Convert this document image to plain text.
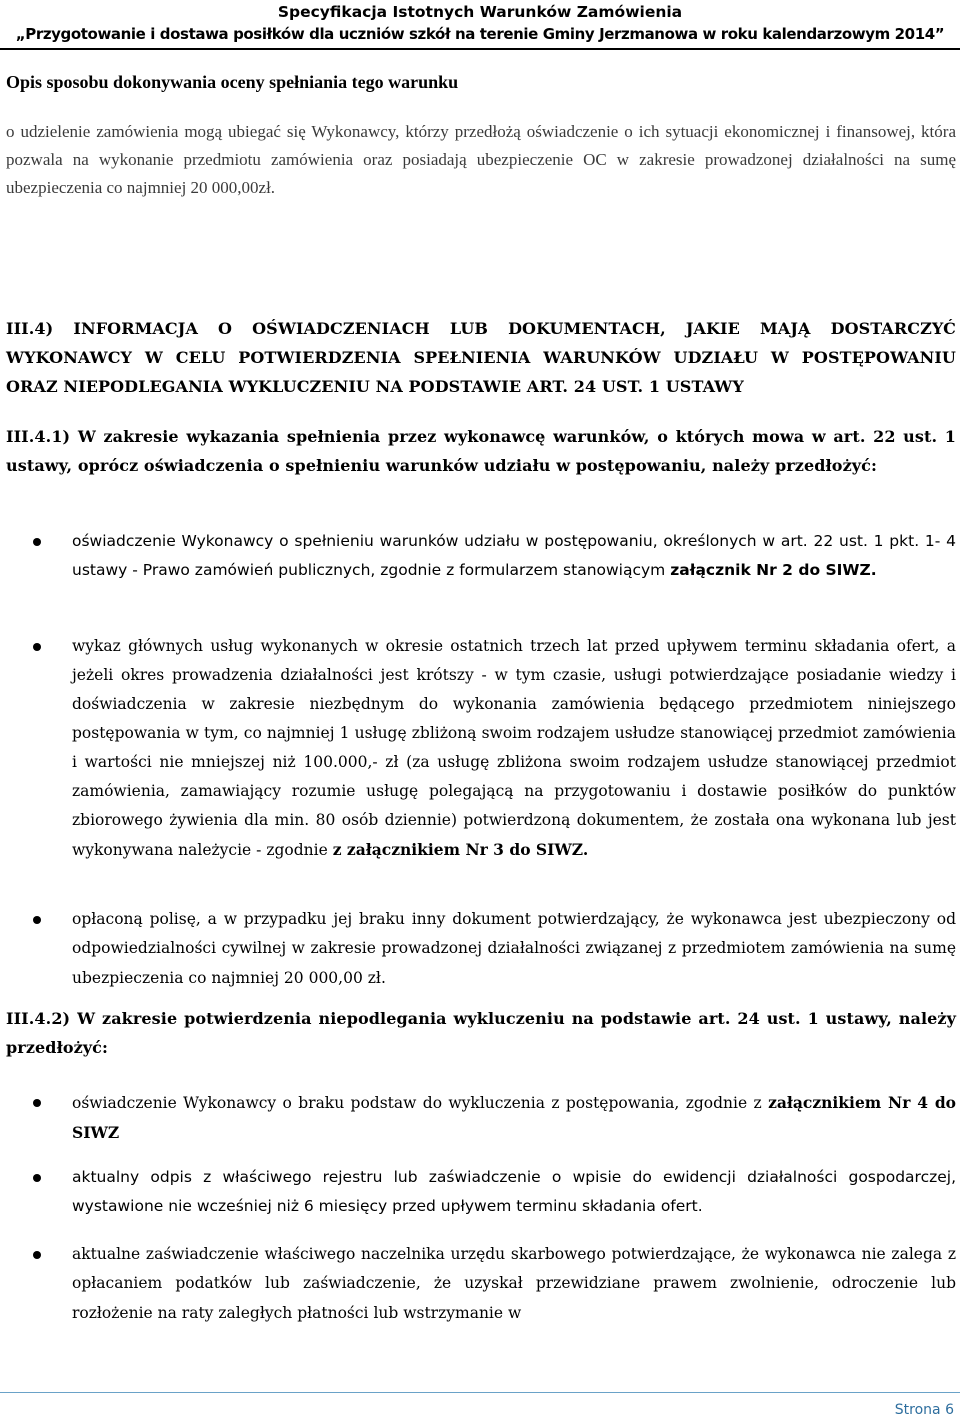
Specyfikacja Istotnych Warunków Zamówienia
„Przygotowanie i dostawa posiłków dla uczniów szkół na terenie Gminy Jerzmanowa w roku kalendarzowym 2014”
Opis sposobu dokonywania oceny spełniania tego warunku
o udzielenie zamówienia mogą ubiegać się Wykonawcy, którzy przedłożą oświadczenie o ich sytuacji ekonomicznej i finansowej, która pozwala na wykonanie przedmiotu zamówienia oraz posiadają ubezpieczenie OC w zakresie prowadzonej działalności na sumę ubezpieczenia co najmniej 20 000,00zł.
III.4) INFORMACJA O OŚWIADCZENIACH LUB DOKUMENTACH, JAKIE MAJĄ DOSTARCZYĆ WYKONAWCY W CELU POTWIERDZENIA SPEŁNIENIA WARUNKÓW UDZIAŁU W POSTĘPOWANIU ORAZ NIEPODLEGANIA WYKLUCZENIU NA PODSTAWIE ART. 24 UST. 1 USTAWY
III.4.1) W zakresie wykazania spełnienia przez wykonawcę warunków, o których mowa w art. 22 ust. 1 ustawy, oprócz oświadczenia o spełnieniu warunków udziału w postępowaniu, należy przedłożyć:
oświadczenie Wykonawcy o spełnieniu warunków udziału w postępowaniu, określonych w art. 22 ust. 1 pkt. 1- 4 ustawy - Prawo zamówień publicznych, zgodnie z formularzem stanowiącym załącznik Nr 2 do SIWZ.
wykaz głównych usług wykonanych w okresie ostatnich trzech lat przed upływem terminu składania ofert, a jeżeli okres prowadzenia działalności jest krótszy - w tym czasie, usługi potwierdzające posiadanie wiedzy i doświadczenia w zakresie niezbędnym do wykonania zamówienia będącego przedmiotem niniejszego postępowania w tym, co najmniej 1 usługę zbliżoną swoim rodzajem usłudze stanowiącej przedmiot zamówienia i wartości nie mniejszej niż 100.000,- zł (za usługę zbliżona swoim rodzajem usłudze stanowiącej przedmiot zamówienia, zamawiający rozumie usługę polegającą na przygotowaniu i dostawie posiłków do punktów zbiorowego żywienia dla min. 80 osób dziennie) potwierdzoną dokumentem, że została ona wykonana lub jest wykonywana należycie - zgodnie z załącznikiem Nr 3 do SIWZ.
opłaconą polisę, a w przypadku jej braku inny dokument potwierdzający, że wykonawca jest ubezpieczony od odpowiedzialności cywilnej w zakresie prowadzonej działalności związanej z przedmiotem zamówienia na sumę ubezpieczenia co najmniej 20 000,00 zł.
III.4.2) W zakresie potwierdzenia niepodlegania wykluczeniu na podstawie art. 24 ust. 1 ustawy, należy przedłożyć:
oświadczenie Wykonawcy o braku podstaw do wykluczenia z postępowania, zgodnie z załącznikiem Nr 4 do SIWZ
aktualny odpis z właściwego rejestru lub zaświadczenie o wpisie do ewidencji działalności gospodarczej, wystawione nie wcześniej niż 6 miesięcy przed upływem terminu składania ofert.
aktualne zaświadczenie właściwego naczelnika urzędu skarbowego potwierdzające, że wykonawca nie zalega z opłacaniem podatków lub zaświadczenie, że uzyskał przewidziane prawem zwolnienie, odroczenie lub rozłożenie na raty zaległych płatności lub wstrzymanie w
Strona 6
